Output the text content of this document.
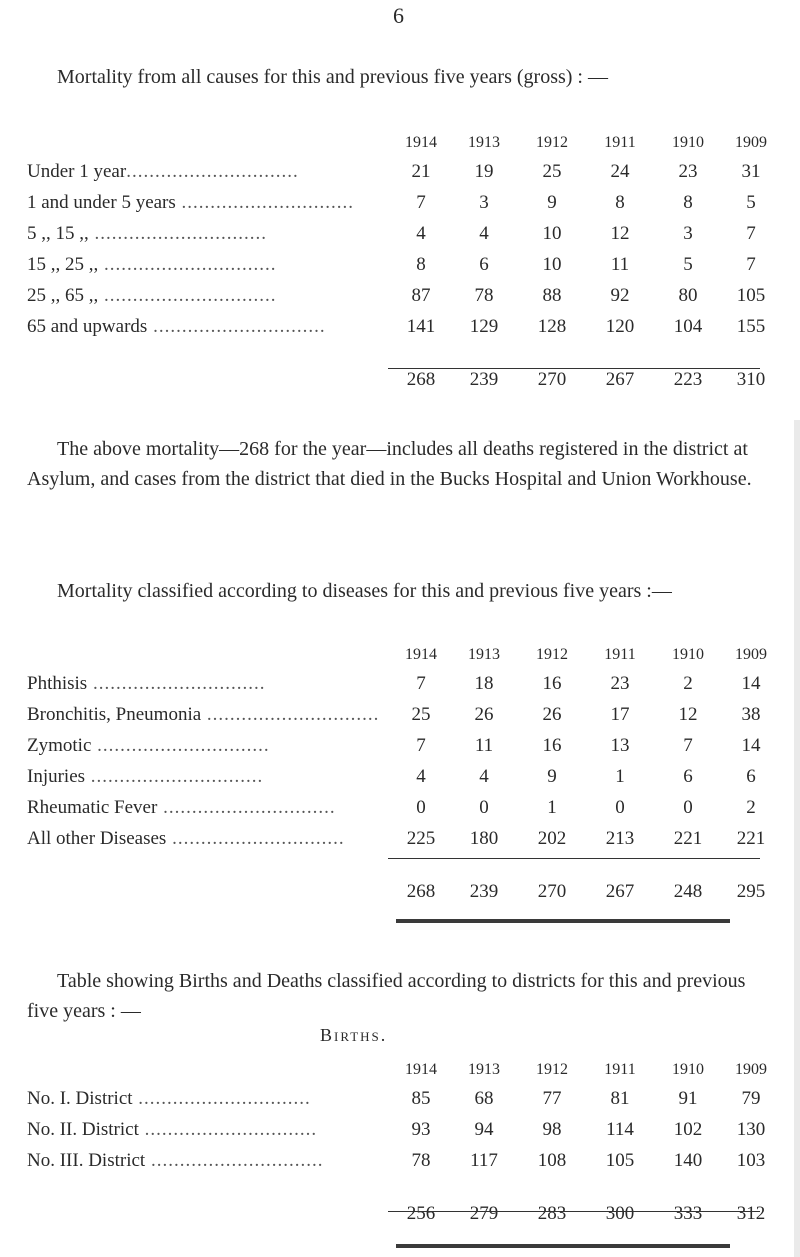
6

Mortality from all causes for this and previous five years (gross) : —

	1914	1913	1912	1911	1910	1909
Under 1 year..............................	21	19	25	24	23	31
1 and under 5 years ..............................	7	3	9	8	8	5
5 ,, 15 ,, ..............................	4	4	10	12	3	7
15 ,, 25 ,, ..............................	8	6	10	11	5	7
25 ,, 65 ,, ..............................	87	78	88	92	80	105
65 and upwards ..............................	141	129	128	120	104	155

	268	239	270	267	223	310

The above mortality—268 for the year—includes all deaths registered in the district at Asylum, and cases from the district that died in the Bucks Hospital and Union Workhouse.

Mortality classified according to diseases for this and previous five years :—

	1914	1913	1912	1911	1910	1909
Phthisis ..............................	7	18	16	23	2	14
Bronchitis, Pneumonia ..............................	25	26	26	17	12	38
Zymotic ..............................	7	11	16	13	7	14
Injuries ..............................	4	4	9	1	6	6
Rheumatic Fever ..............................	0	0	1	0	0	2
All other Diseases ..............................	225	180	202	213	221	221

	268	239	270	267	248	295

Table showing Births and Deaths classified according to districts for this and previous five years : —

Births.
	1914	1913	1912	1911	1910	1909
No. I. District ..............................	85	68	77	81	91	79
No. II. District ..............................	93	94	98	114	102	130
No. III. District ..............................	78	117	108	105	140	103

	256	279	283	300	333	312
